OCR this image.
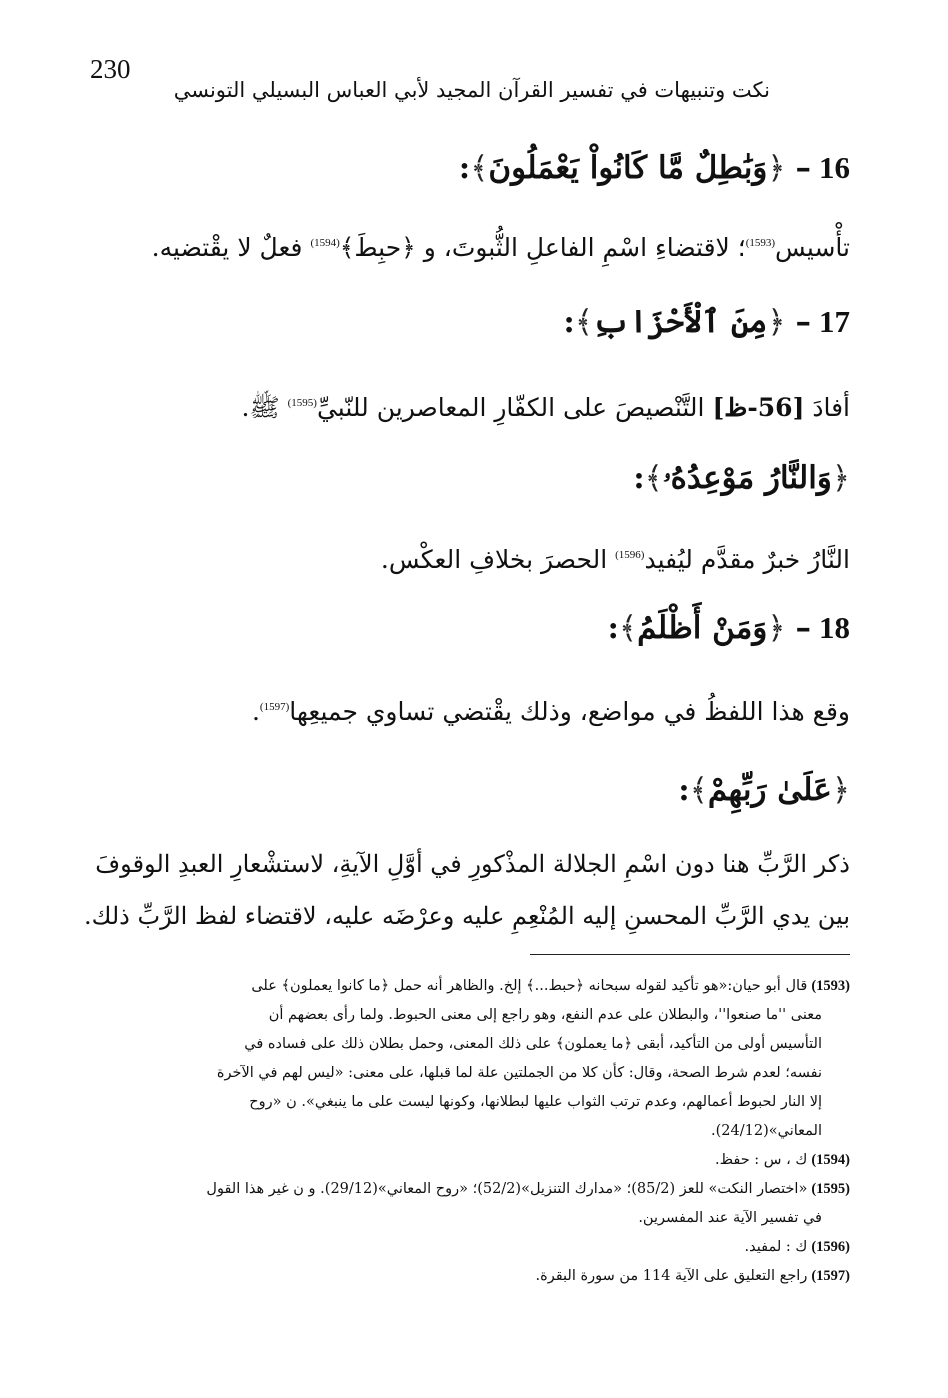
230
نكت وتنبيهات في تفسير القرآن المجيد لأبي العباس البسيلي التونسي
16–﴿وَبَٰطِلٌ مَّا كَانُواْ يَعْمَلُونَ﴾:
تأْسيس$^{(1593)}$؛ لاقتضاءِ اسْمِ الفاعلِ الثُّبوتَ، و ﴿حبِطَ﴾$^{(1594)}$ فعلٌ لا يقْتضيه.
17–﴿مِنَ ٱلْأَحْزَابِ﴾:
أفادَ [56-ظ] التَّنْصيصَ على الكفّارِ المعاصرين للنّبيِّ$^{(1595)}$ ﷺ.
﴿وَالنَّارُ مَوْعِدُهُۥ﴾:
النَّارُ خبرٌ مقدَّم ليُفيد$^{(1596)}$ الحصرَ بخلافِ العكْس.
18–﴿وَمَنْ أَظْلَمُ﴾:
وقع هذا اللفظُ في مواضع، وذلك يقْتضي تساوي جميعِها$^{(1597)}$.
﴿عَلَىٰ رَبِّهِمْ﴾:
ذكر الرَّبِّ هنا دون اسْمِ الجلالة المذْكورِ في أوَّلِ الآيةِ، لاستشْعارِ العبدِ الوقوفَ
بين يدي الرَّبِّ المحسنِ إليه المُنْعِمِ عليه وعرْضَه عليه، لاقتضاء لفظ الرَّبِّ ذلك.
(1593)قال أبو حيان:«هو تأكيد لقوله سبحانه ﴿حبط...﴾ إلخ. والظاهر أنه حمل ﴿ما كانوا يعملون﴾ على
معنى ''ما صنعوا''، والبطلان على عدم النفع، وهو راجع إلى معنى الحبوط. ولما رأى بعضهم أن
التأسيس أولى من التأكيد، أبقى ﴿ما يعملون﴾ على ذلك المعنى، وحمل بطلان ذلك على فساده في
نفسه؛ لعدم شرط الصحة، وقال: كأن كلا من الجملتين علة لما قبلها، على معنى: «ليس لهم في الآخرة
إلا النار لحبوط أعمالهم، وعدم ترتب الثواب عليها لبطلانها، وكونها ليست على ما ينبغي». ن «روح
المعاني»(24/12).
(1594)ك ، س : حفظ.
(1595)«اختصار النكت» للعز (85/2)؛ «مدارك التنزيل»(52/2)؛ «روح المعاني»(29/12). و ن غير هذا القول
في تفسير الآية عند المفسرين.
(1596)ك : لمفيد.
(1597)راجع التعليق على الآية 114 من سورة البقرة.
